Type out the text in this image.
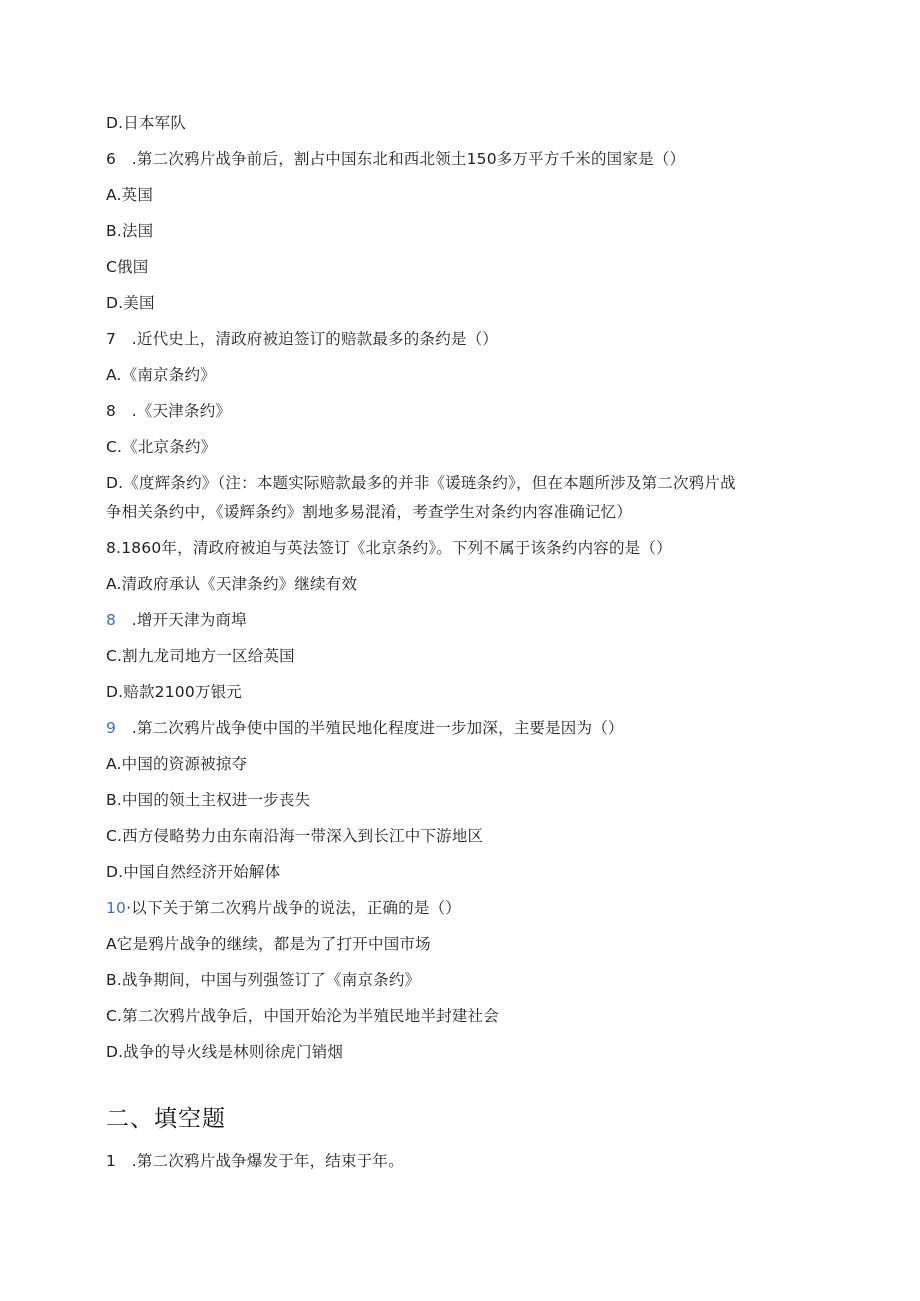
D.日本军队
6　.第二次鸦片战争前后，割占中国东北和西北领土150多万平方千米的国家是（）
A.英国
B.法国
C俄国
D.美国
7　.近代史上，清政府被迫签订的赔款最多的条约是（）
A.《南京条约》
8　.《天津条约》
C.《北京条约》
D.《度辉条约》（注：本题实际赔款最多的并非《谖琏条约》，但在本题所涉及第二次鸦片战
争相关条约中，《谖辉条约》割地多易混淆，考查学生对条约内容准确记忆）
8.1860年，清政府被迫与英法签订《北京条约》。下列不属于该条约内容的是（）
A.清政府承认《天津条约》继续有效
8　.增开天津为商埠
C.割九龙司地方一区给英国
D.赔款2100万银元
9　.第二次鸦片战争使中国的半殖民地化程度进一步加深，主要是因为（）
A.中国的资源被掠夺
B.中国的领土主权进一步丧失
C.西方侵略势力由东南沿海一带深入到长江中下游地区
D.中国自然经济开始解体
10·以下关于第二次鸦片战争的说法，正确的是（）
A它是鸦片战争的继续，都是为了打开中国市场
B.战争期间，中国与列强签订了《南京条约》
C.第二次鸦片战争后，中国开始沦为半殖民地半封建社会
D.战争的导火线是林则徐虎门销烟
二、填空题
1　.第二次鸦片战争爆发于年，结束于年。
